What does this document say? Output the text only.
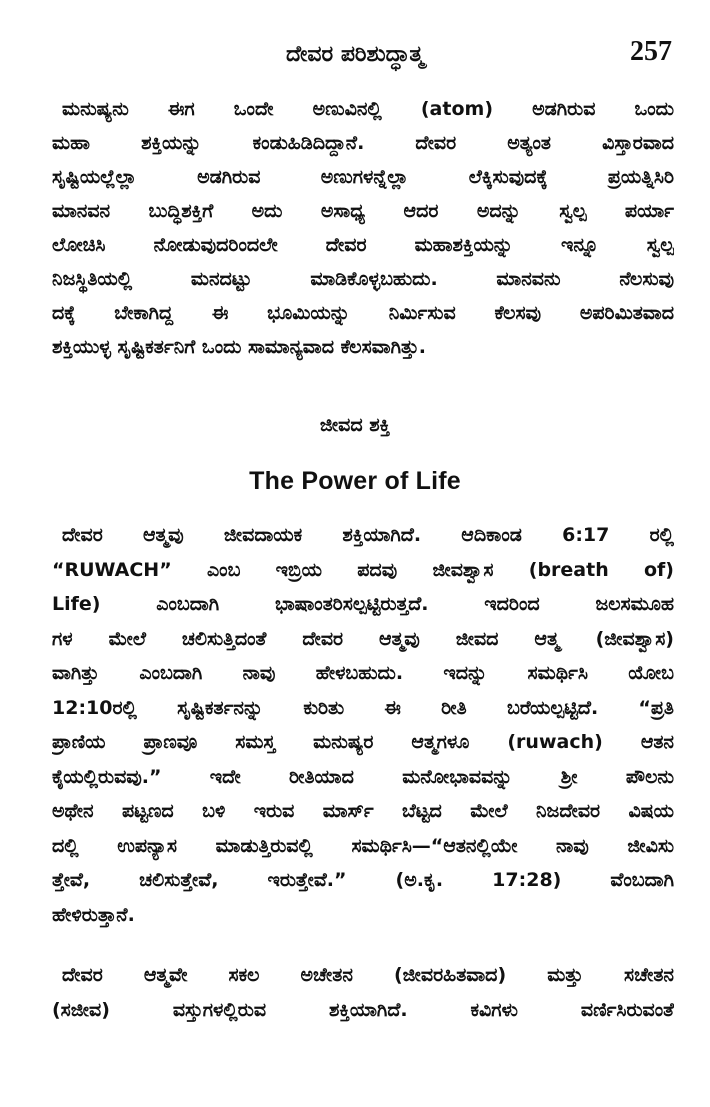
ದೇವರ ಪರಿಶುದ್ಧಾತ್ಮ	257
ಮನುಷ್ಯನು ಈಗ ಒಂದೇ ಅಣುವಿನಲ್ಲಿ (atom) ಅಡಗಿರುವ ಒಂದು
ಮಹಾ ಶಕ್ತಿಯನ್ನು ಕಂಡುಹಿಡಿದಿದ್ದಾನೆ. ದೇವರ ಅತ್ಯಂತ ವಿಸ್ತಾರವಾದ
ಸೃಷ್ಟಿಯಲ್ಲೆಲ್ಲಾ ಅಡಗಿರುವ ಅಣುಗಳನ್ನೆಲ್ಲಾ ಲೆಕ್ಕಿಸುವುದಕ್ಕೆ ಪ್ರಯತ್ನಿಸಿರಿ
ಮಾನವನ ಬುದ್ಧಿಶಕ್ತಿಗೆ ಅದು ಅಸಾಧ್ಯ ಆದರ ಅದನ್ನು ಸ್ವಲ್ಪ ಪರ್ಯಾ
ಲೋಚಿಸಿ ನೋಡುವುದರಿಂದಲೇ ದೇವರ ಮಹಾಶಕ್ತಿಯನ್ನು ಇನ್ನೂ ಸ್ವಲ್ಪ
ನಿಜಸ್ಥಿತಿಯಲ್ಲಿ ಮನದಟ್ಟು ಮಾಡಿಕೊಳ್ಳಬಹುದು. ಮಾನವನು ನೆಲಸುವು
ದಕ್ಕೆ ಬೇಕಾಗಿದ್ದ ಈ ಭೂಮಿಯನ್ನು ನಿರ್ಮಿಸುವ ಕೆಲಸವು ಅಪರಿಮಿತವಾದ
ಶಕ್ತಿಯುಳ್ಳ ಸೃಷ್ಟಿಕರ್ತನಿಗೆ ಒಂದು ಸಾಮಾನ್ಯವಾದ ಕೆಲಸವಾಗಿತ್ತು.
ಜೀವದ ಶಕ್ತಿ
The Power of Life
ದೇವರ ಆತ್ಮವು ಜೀವದಾಯಕ ಶಕ್ತಿಯಾಗಿದೆ. ಆದಿಕಾಂಡ 6:17 ರಲ್ಲಿ
“RUWACH” ಎಂಬ ಇಬ್ರಿಯ ಪದವು ಜೀವಶ್ವಾಸ (breath of)
Life) ಎಂಬದಾಗಿ ಭಾಷಾಂತರಿಸಲ್ಪಟ್ಟಿರುತ್ತದೆ. ಇದರಿಂದ ಜಲಸಮೂಹ
ಗಳ ಮೇಲೆ ಚಲಿಸುತ್ತಿದಂತೆ ದೇವರ ಆತ್ಮವು ಜೀವದ ಆತ್ಮ (ಜೀವಶ್ವಾಸ)
ವಾಗಿತ್ತು ಎಂಬದಾಗಿ ನಾವು ಹೇಳಬಹುದು. ಇದನ್ನು ಸಮರ್ಥಿಸಿ ಯೋಬ
12:10ರಲ್ಲಿ ಸೃಷ್ಟಿಕರ್ತನನ್ನು ಕುರಿತು ಈ ರೀತಿ ಬರೆಯಲ್ಪಟ್ಟಿದೆ. “ಪ್ರತಿ
ಪ್ರಾಣಿಯ ಪ್ರಾಣವೂ ಸಮಸ್ತ ಮನುಷ್ಯರ ಆತ್ಮಗಳೂ (ruwach) ಆತನ
ಕೈಯಲ್ಲಿರುವವು.” ಇದೇ ರೀತಿಯಾದ ಮನೋಭಾವವನ್ನು ಶ್ರೀ ಪೌಲನು
ಅಥೇನ ಪಟ್ಟಣದ ಬಳಿ ಇರುವ ಮಾರ್ಸ್ ಬೆಟ್ಟದ ಮೇಲೆ ನಿಜದೇವರ ವಿಷಯ
ದಲ್ಲಿ ಉಪನ್ಯಾಸ ಮಾಡುತ್ತಿರುವಲ್ಲಿ ಸಮರ್ಥಿಸಿ—“ಆತನಲ್ಲಿಯೇ ನಾವು ಜೀವಿಸು
ತ್ತೇವೆ, ಚಲಿಸುತ್ತೇವೆ, ಇರುತ್ತೇವೆ.” (ಅ.ಕೃ. 17:28) ವೆಂಬದಾಗಿ
ಹೇಳಿರುತ್ತಾನೆ.
ದೇವರ ಆತ್ಮವೇ ಸಕಲ ಅಚೇತನ (ಜೀವರಹಿತವಾದ) ಮತ್ತು ಸಚೇತನ
(ಸಜೀವ) ವಸ್ತುಗಳಲ್ಲಿರುವ ಶಕ್ತಿಯಾಗಿದೆ. ಕವಿಗಳು ವರ್ಣಿಸಿರುವಂತೆ
